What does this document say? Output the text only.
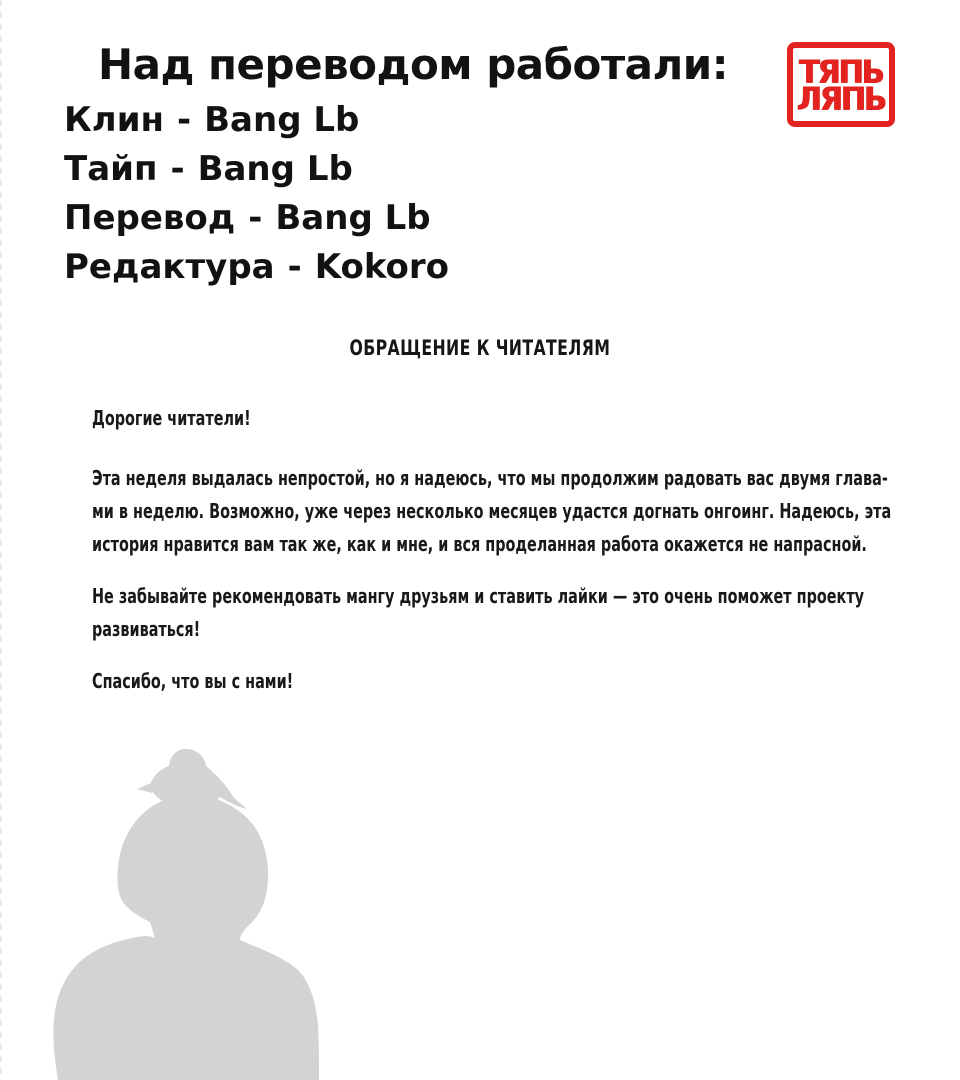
Над переводом работали:
Клин - Bang Lb
Тайп - Bang Lb
Перевод - Bang Lb
Редактура - Kokoro
ТЯПЬ
ЛЯПЬ
ОБРАЩЕНИЕ К ЧИТАТЕЛЯМ
Дорогие читатели!
Эта неделя выдалась непростой, но я надеюсь, что мы продолжим радовать вас двумя глава-
ми в неделю. Возможно, уже через несколько месяцев удастся догнать онгоинг. Надеюсь, эта
история нравится вам так же, как и мне, и вся проделанная работа окажется не напрасной.
Не забывайте рекомендовать мангу друзьям и ставить лайки — это очень поможет проекту
развиваться!
Спасибо, что вы с нами!
